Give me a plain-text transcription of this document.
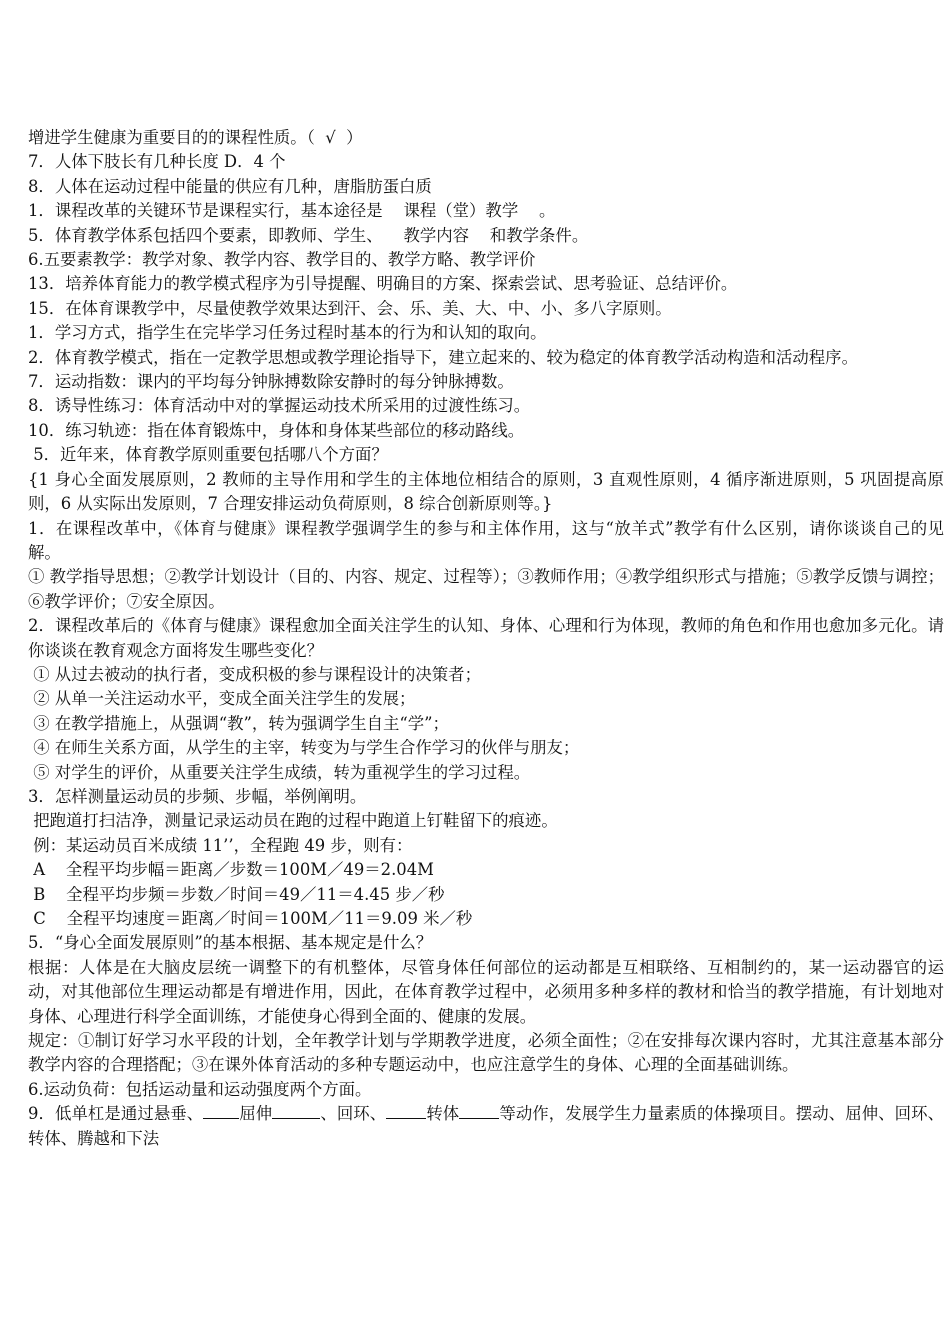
增进学生健康为重要目的的课程性质。（  √  ）
7．人体下肢长有几种长度 D．4 个
8．人体在运动过程中能量的供应有几种，唐脂肪蛋白质
1．课程改革的关键环节是课程实行，基本途径是    课程（堂）教学    。
5．体育教学体系包括四个要素，即教师、学生、    教学内容    和教学条件。
6.五要素教学：教学对象、教学内容、教学目的、教学方略、教学评价
13．培养体育能力的教学模式程序为引导提醒、明确目的方案、探索尝试、思考验证、总结评价。
15．在体育课教学中，尽量使教学效果达到汗、会、乐、美、大、中、小、多八字原则。
1．学习方式，指学生在完毕学习任务过程时基本的行为和认知的取向。
2．体育教学模式，指在一定教学思想或教学理论指导下，建立起来的、较为稳定的体育教学活动构造和活动程序。
7．运动指数：课内的平均每分钟脉搏数除安静时的每分钟脉搏数。
8．诱导性练习：体育活动中对的掌握运动技术所采用的过渡性练习。
10．练习轨迹：指在体育锻炼中，身体和身体某些部位的移动路线。
5．近年来，体育教学原则重要包括哪八个方面？
{1 身心全面发展原则，2 教师的主导作用和学生的主体地位相结合的原则，3 直观性原则，4 循序渐进原则，5 巩固提高原则，6 从实际出发原则，7 合理安排运动负荷原则，8 综合创新原则等。}
1．在课程改革中，《体育与健康》课程教学强调学生的参与和主体作用，这与“放羊式”教学有什么区别，请你谈谈自己的见解。
① 教学指导思想；②教学计划设计（目的、内容、规定、过程等）；③教师作用；④教学组织形式与措施；⑤教学反馈与调控；⑥教学评价；⑦安全原因。
2．课程改革后的《体育与健康》课程愈加全面关注学生的认知、身体、心理和行为体现，教师的角色和作用也愈加多元化。请你谈谈在教育观念方面将发生哪些变化？
① 从过去被动的执行者，变成积极的参与课程设计的决策者；
② 从单一关注运动水平，变成全面关注学生的发展；
③ 在教学措施上，从强调“教”，转为强调学生自主“学”；
④ 在师生关系方面，从学生的主宰，转变为与学生合作学习的伙伴与朋友；
⑤ 对学生的评价，从重要关注学生成绩，转为重视学生的学习过程。
3．怎样测量运动员的步频、步幅，举例阐明。
把跑道打扫洁净，测量记录运动员在跑的过程中跑道上钉鞋留下的痕迹。
例：某运动员百米成绩 11’’，全程跑 49 步，则有：
A    全程平均步幅＝距离／步数＝100M／49＝2.04M
B    全程平均步频＝步数／时间＝49／11＝4.45 步／秒
C    全程平均速度＝距离／时间＝100M／11＝9.09 米／秒
5．“身心全面发展原则”的基本根据、基本规定是什么？
根据：人体是在大脑皮层统一调整下的有机整体，尽管身体任何部位的运动都是互相联络、互相制约的，某一运动器官的运动，对其他部位生理运动都是有增进作用，因此，在体育教学过程中，必须用多种多样的教材和恰当的教学措施，有计划地对身体、心理进行科学全面训练，才能使身心得到全面的、健康的发展。
规定：①制订好学习水平段的计划，全年教学计划与学期教学进度，必须全面性；②在安排每次课内容时，尤其注意基本部分教学内容的合理搭配；③在课外体育活动的多种专题运动中，也应注意学生的身体、心理的全面基础训练。
6.运动负荷：包括运动量和运动强度两个方面。
9．低单杠是通过悬垂、 屈伸	、回环、 转体 等动作，发展学生力量素质的体操项目。摆动、屈伸、回环、转体、腾越和下法
